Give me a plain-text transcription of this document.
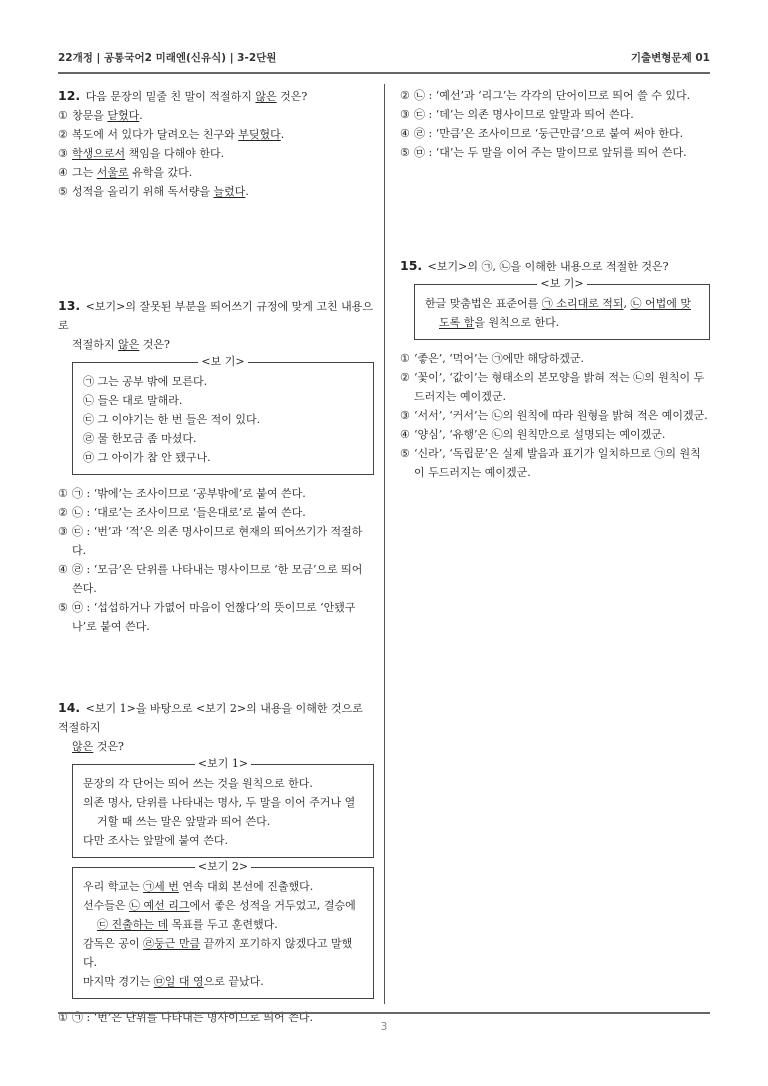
22개정 | 공통국어2 미래엔(신유식) | 3-2단원	기출변형문제 01

12. 다음 문장의 밑줄 친 말이 적절하지 않은 것은?

① 창문을 닫혔다.

② 복도에 서 있다가 달려오는 친구와 부딪혔다.

③ 학생으로서 책임을 다해야 한다.

④ 그는 서울로 유학을 갔다.

⑤ 성적을 올리기 위해 독서량을 늘렸다.

13. <보기>의 잘못된 부분을 띄어쓰기 규정에 맞게 고친 내용으로

적절하지 않은 것은?

<보 기>

㉠ 그는 공부 밖에 모른다.

㉡ 들은 대로 말해라.

㉢ 그 이야기는 한 번 들은 적이 있다.

㉣ 물 한모금 좀 마셨다.

㉤ 그 아이가 참 안 됐구나.

① ㉠ : ‘밖에’는 조사이므로 ‘공부밖에’로 붙여 쓴다.

② ㉡ : ‘대로’는 조사이므로 ‘들은대로’로 붙여 쓴다.

③ ㉢ : ‘번’과 ‘적’은 의존 명사이므로 현재의 띄어쓰기가 적절하다.

④ ㉣ : ‘모금’은 단위를 나타내는 명사이므로 ‘한 모금’으로 띄어 쓴다.

⑤ ㉤ : ‘섭섭하거나 가엾어 마음이 언짢다’의 뜻이므로 ‘안됐구나’로 붙여 쓴다.

14. <보기 1>을 바탕으로 <보기 2>의 내용을 이해한 것으로 적절하지

않은 것은?

<보기 1>

문장의 각 단어는 띄어 쓰는 것을 원칙으로 한다.

의존 명사, 단위를 나타내는 명사, 두 말을 이어 주거나 열거할 때 쓰는 말은 앞말과 띄어 쓴다.

다만 조사는 앞말에 붙여 쓴다.

<보기 2>

우리 학교는 ㉠세 번 연속 대회 본선에 진출했다.

선수들은 ㉡ 예선 리그에서 좋은 성적을 거두었고, 결승에 ㉢ 진출하는 데 목표를 두고 훈련했다.

감독은 공이 ㉣둥근 만큼 끝까지 포기하지 않겠다고 말했다.

마지막 경기는 ㉤일 대 영으로 끝났다.

① ㉠ : ‘번’은 단위를 나타내는 명사이므로 띄어 쓴다.

② ㉡ : ‘예선’과 ‘리그’는 각각의 단어이므로 띄어 쓸 수 있다.

③ ㉢ : ‘데’는 의존 명사이므로 앞말과 띄어 쓴다.

④ ㉣ : ‘만큼’은 조사이므로 ‘둥근만큼’으로 붙여 써야 한다.

⑤ ㉤ : ‘대’는 두 말을 이어 주는 말이므로 앞뒤를 띄어 쓴다.

15. <보기>의 ㉠, ㉡을 이해한 내용으로 적절한 것은?

<보 기>

한글 맞춤법은 표준어를 ㉠ 소리대로 적되, ㉡ 어법에 맞도록 함을 원칙으로 한다.

① ‘좋은’, ‘먹어’는 ㉠에만 해당하겠군.

② ‘꽃이’, ‘값이’는 형태소의 본모양을 밝혀 적는 ㉡의 원칙이 두드러지는 예이겠군.

③ ‘서서’, ‘커서’는 ㉡의 원칙에 따라 원형을 밝혀 적은 예이겠군.

④ ‘양심’, ‘유행’은 ㉡의 원칙만으로 설명되는 예이겠군.

⑤ ‘신라’, ‘독립문’은 실제 발음과 표기가 일치하므로 ㉠의 원칙이 두드러지는 예이겠군.

3
